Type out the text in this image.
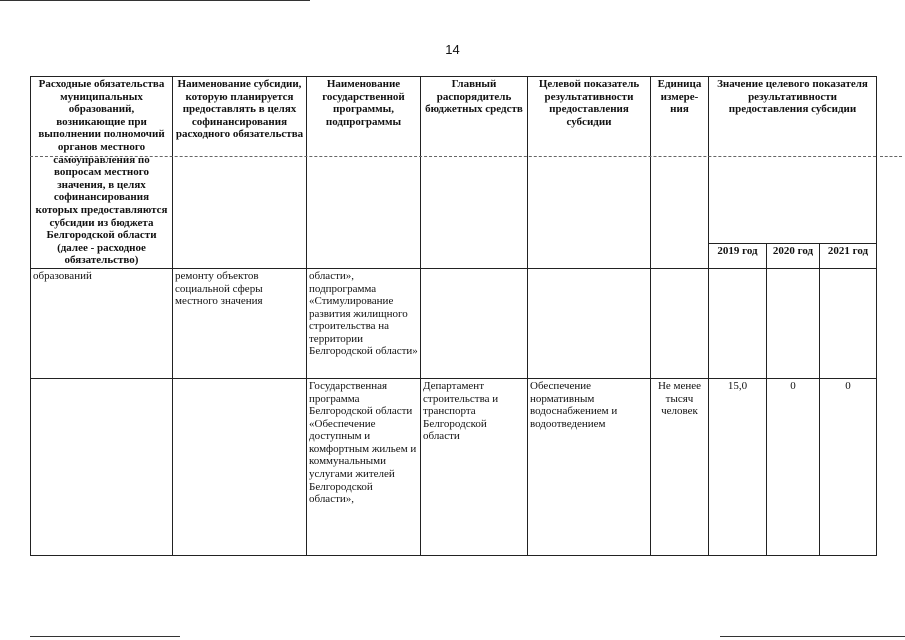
14
Расходные обязательства муниципальных образований, возникающие при выполнении полномочий органов местного самоуправления по вопросам местного значения, в целях софинансирования которых предоставляются субсидии из бюджета Белгородской области (далее - расходное обязательство)	Наименование субсидии, которую планируется предоставлять в целях софинансирования расходного обязательства	Наименование государственной программы, подпрограммы	Главный распорядитель бюджетных средств	Целевой показатель результативности предоставления субсидии	Единица измере-ния	Значение целевого показателя результативности предоставления субсидии		
						2019 год	2020 год	2021 год
образований	ремонту объектов социальной сферы местного значения	области», подпрограмма «Стимулирование развития жилищного строительства на территории Белгородской области»						
		Государственная программа Белгородской области «Обеспечение доступным и комфортным жильем и коммунальными услугами жителей Белгородской области»,	Департамент строительства и транспорта Белгородской области	Обеспечение нормативным водоснабжением и водоотведением	Не менее тысяч человек	15,0	0	0
